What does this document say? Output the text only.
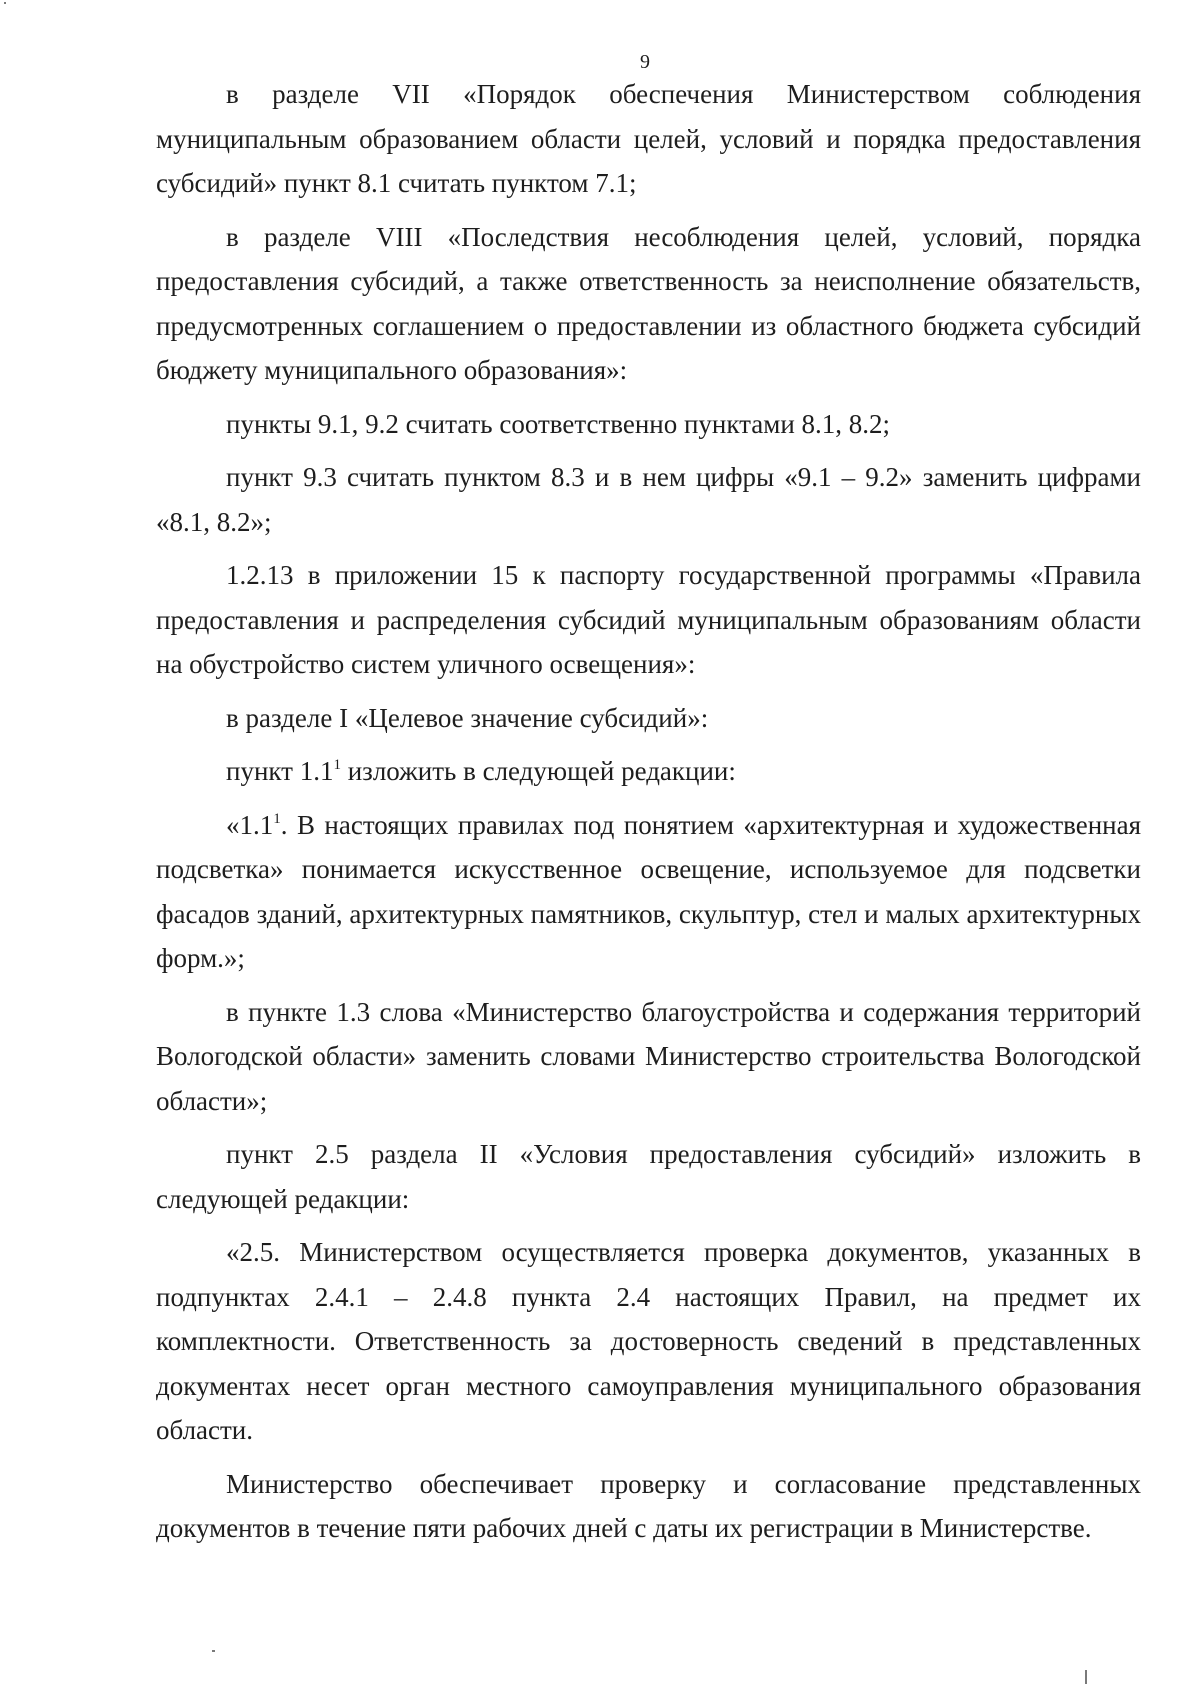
9

в разделе VII «Порядок обеспечения Министерством соблюдения муниципальным образованием области целей, условий и порядка предоставления субсидий» пункт 8.1 считать пунктом 7.1;

в разделе VIII «Последствия несоблюдения целей, условий, порядка предоставления субсидий, а также ответственность за неисполнение обязательств, предусмотренных соглашением о предоставлении из областного бюджета субсидий бюджету муниципального образования»:

пункты 9.1, 9.2 считать соответственно пунктами 8.1, 8.2;

пункт 9.3 считать пунктом 8.3 и в нем цифры «9.1 – 9.2» заменить цифрами «8.1, 8.2»;

1.2.13 в приложении 15 к паспорту государственной программы «Правила предоставления и распределения субсидий муниципальным образованиям области на обустройство систем уличного освещения»:

в разделе I «Целевое значение субсидий»:

пункт $1.1^1$ изложить в следующей редакции:

«$1.1^1$. В настоящих правилах под понятием «архитектурная и художественная подсветка» понимается искусственное освещение, используемое для подсветки фасадов зданий, архитектурных памятников, скульптур, стел и малых архитектурных форм.»;

в пункте 1.3 слова «Министерство благоустройства и содержания территорий Вологодской области» заменить словами Министерство строительства Вологодской области»;

пункт 2.5 раздела II «Условия предоставления субсидий» изложить в следующей редакции:

«2.5. Министерством осуществляется проверка документов, указанных в подпунктах 2.4.1 – 2.4.8 пункта 2.4 настоящих Правил, на предмет их комплектности. Ответственность за достоверность сведений в представленных документах несет орган местного самоуправления муниципального образования области.

Министерство обеспечивает проверку и согласование представленных документов в течение пяти рабочих дней с даты их регистрации в Министерстве.
